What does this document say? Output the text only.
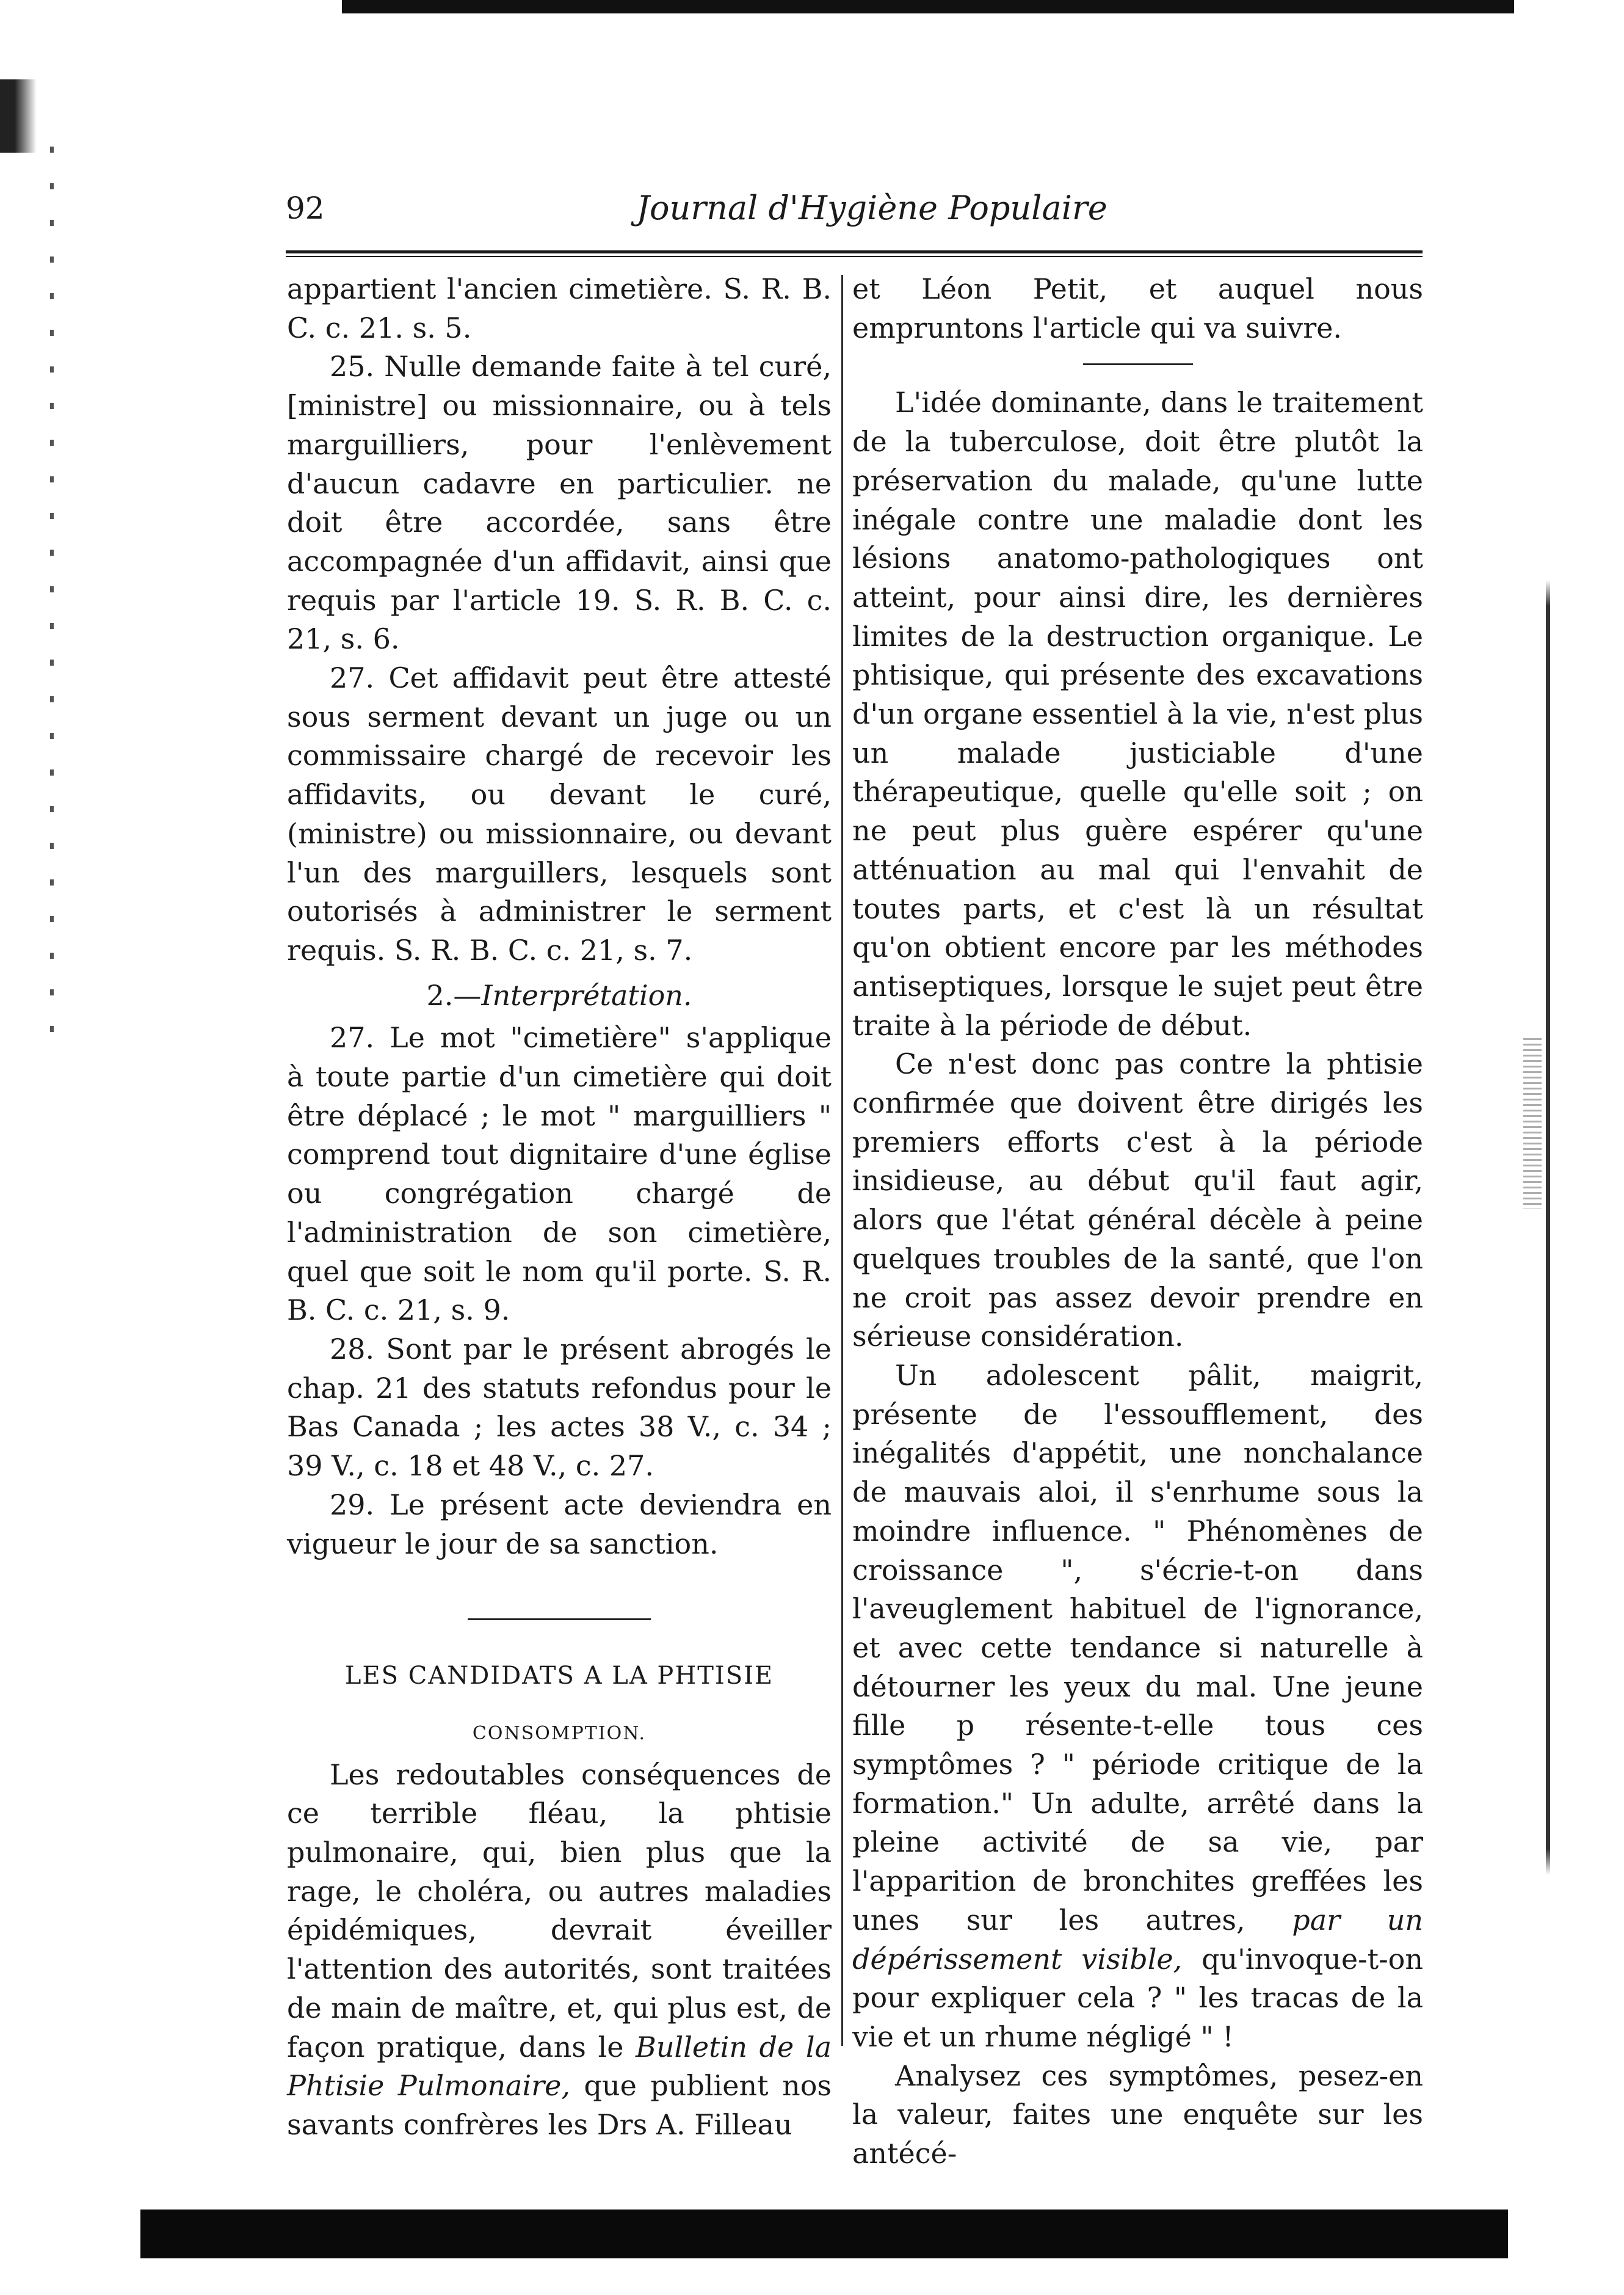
92	Journal d'Hygiène Populaire

appartient l'ancien cimetière. S. R. B. C. c. 21. s. 5.

25. Nulle demande faite à tel curé, [ministre] ou missionnaire, ou à tels marguilliers, pour l'enlèvement d'aucun cadavre en particulier. ne doit être accordée, sans être accompagnée d'un affidavit, ainsi que requis par l'article 19. S. R. B. C. c. 21, s. 6.

27. Cet affidavit peut être attesté sous serment devant un juge ou un commissaire chargé de recevoir les affidavits, ou devant le curé, (ministre) ou missionnaire, ou devant l'un des marguillers, lesquels sont outorisés à administrer le serment requis. S. R. B. C. c. 21, s. 7.

2.—Interprétation.

27. Le mot "cimetière" s'applique à toute partie d'un cimetière qui doit être déplacé ; le mot " marguilliers " comprend tout dignitaire d'une église ou congrégation chargé de l'administration de son cimetière, quel que soit le nom qu'il porte. S. R. B. C. c. 21, s. 9.

28. Sont par le présent abrogés le chap. 21 des statuts refondus pour le Bas Canada ; les actes 38 V., c. 34 ; 39 V., c. 18 et 48 V., c. 27.

29. Le présent acte deviendra en vigueur le jour de sa sanction.

LES CANDIDATS A LA PHTISIE

CONSOMPTION.

Les redoutables conséquences de ce terrible fléau, la phtisie pulmonaire, qui, bien plus que la rage, le choléra, ou autres maladies épidémiques, devrait éveiller l'attention des autorités, sont traitées de main de maître, et, qui plus est, de façon pratique, dans le Bulletin de la Phtisie Pulmonaire, que publient nos savants confrères les Drs A. Filleau

et Léon Petit, et auquel nous empruntons l'article qui va suivre.

L'idée dominante, dans le traitement de la tuberculose, doit être plutôt la préservation du malade, qu'une lutte inégale contre une maladie dont les lésions anatomo-pathologiques ont atteint, pour ainsi dire, les dernières limites de la destruction organique. Le phtisique, qui présente des excavations d'un organe essentiel à la vie, n'est plus un malade justiciable d'une thérapeutique, quelle qu'elle soit ; on ne peut plus guère espérer qu'une atténuation au mal qui l'envahit de toutes parts, et c'est là un résultat qu'on obtient encore par les méthodes antiseptiques, lorsque le sujet peut être traite à la période de début.

Ce n'est donc pas contre la phtisie confirmée que doivent être dirigés les premiers efforts c'est à la période insidieuse, au début qu'il faut agir, alors que l'état général décèle à peine quelques troubles de la santé, que l'on ne croit pas assez devoir prendre en sérieuse considération.

Un adolescent pâlit, maigrit, présente de l'essoufflement, des inégalités d'appétit, une nonchalance de mauvais aloi, il s'enrhume sous la moindre influence. " Phénomènes de croissance ", s'écrie-t-on dans l'aveuglement habituel de l'ignorance, et avec cette tendance si naturelle à détourner les yeux du mal. Une jeune fille p résente-t-elle tous ces symptômes ? " période critique de la formation." Un adulte, arrêté dans la pleine activité de sa vie, par l'apparition de bronchites greffées les unes sur les autres, par un dépérissement visible, qu'invoque-t-on pour expliquer cela ? " les tracas de la vie et un rhume négligé " !

Analysez ces symptômes, pesez-en la valeur, faites une enquête sur les antécé-
